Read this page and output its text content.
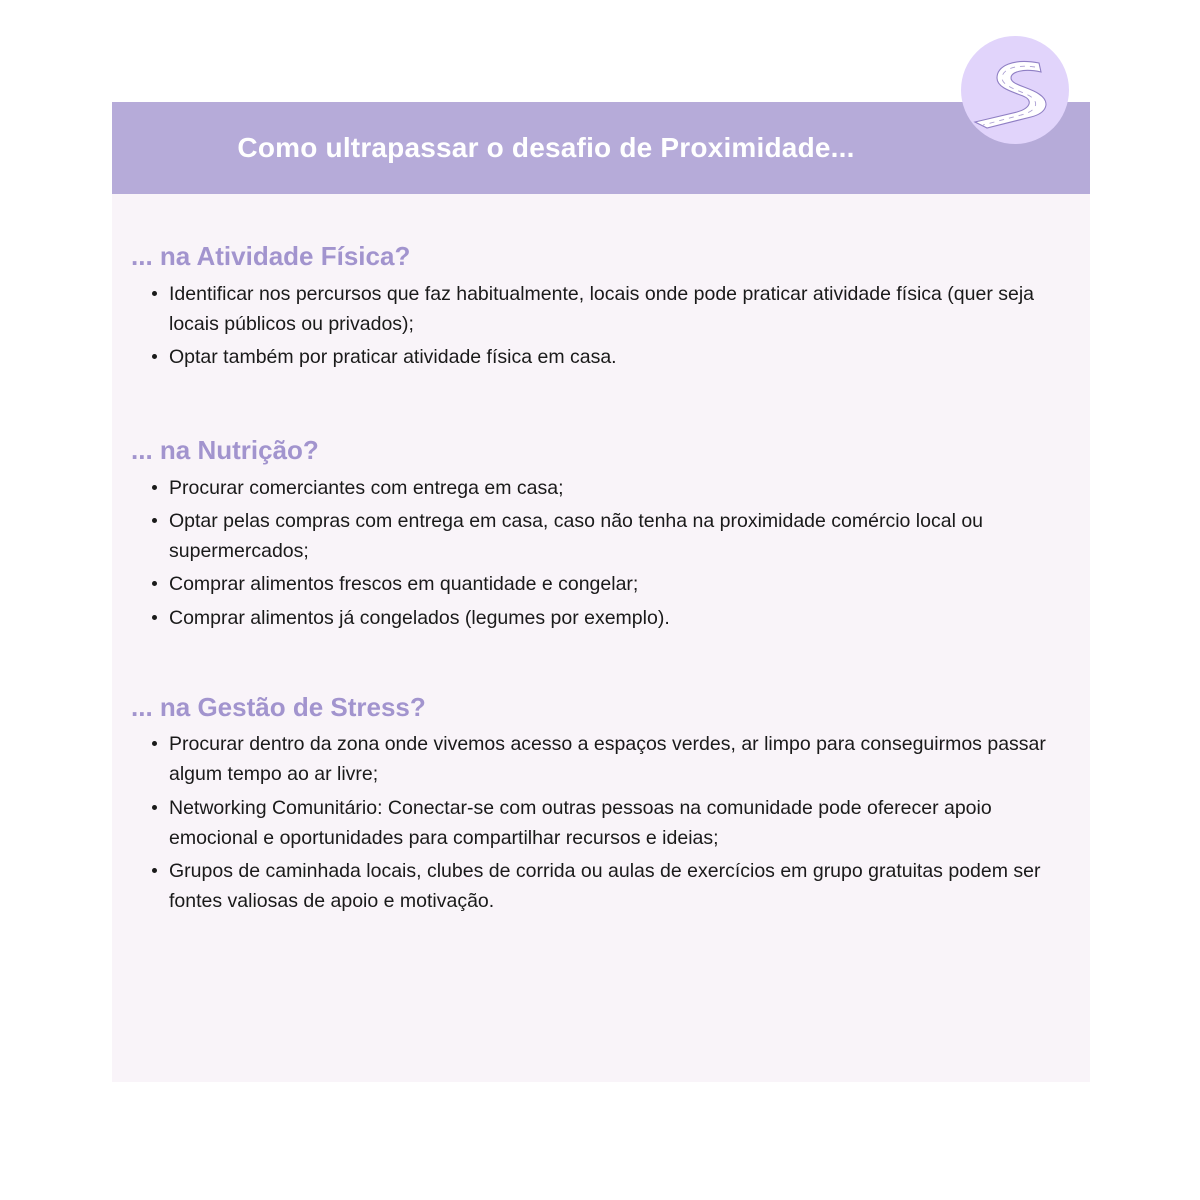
Como ultrapassar o desafio de Proximidade...
... na Atividade Física?
Identificar nos percursos que faz habitualmente, locais onde pode praticar atividade física (quer seja locais públicos ou privados);
Optar também por praticar atividade física em casa.
... na Nutrição?
Procurar comerciantes com entrega em casa;
Optar pelas compras com entrega em casa, caso não tenha na proximidade comércio local ou supermercados;
Comprar alimentos frescos em quantidade e congelar;
Comprar alimentos já congelados (legumes por exemplo).
... na Gestão de Stress?
Procurar dentro da zona onde vivemos acesso a espaços verdes, ar limpo para conseguirmos passar algum tempo ao ar livre;
Networking Comunitário: Conectar-se com outras pessoas na comunidade pode oferecer apoio emocional e oportunidades para compartilhar recursos e ideias;
Grupos de caminhada locais, clubes de corrida ou aulas de exercícios em grupo gratuitas podem ser fontes valiosas de apoio e motivação.
